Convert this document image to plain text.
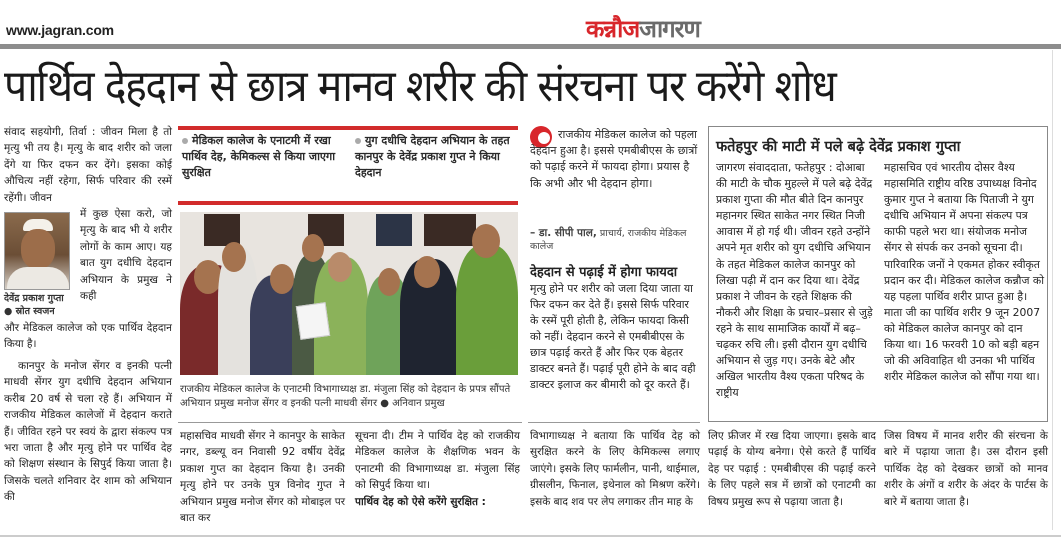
www.jagran.com	कन्नौजजागरण
पार्थिव देहदान से छात्र मानव शरीर की संरचना पर करेंगे शोध
संवाद सहयोगी, तिर्वा : जीवन मिला है तो मृत्यु भी तय है। मृत्यु के बाद शरीर को जला देंगे या फिर दफन कर देंगे। इसका कोई औचित्य नहीं रहेगा, सिर्फ परिवार की रस्में रहेंगी। जीवन
देवेंद्र प्रकाश गुप्ता
● स्रोत स्वजन
में कुछ ऐसा करो, जो मृत्यु के बाद भी ये शरीर लोगों के काम आए। यह बात युग दधीचि देहदान अभियान के प्रमुख ने कही
और मेडिकल कालेज को एक पार्थिव देहदान किया है।
कानपुर के मनोज सेंगर व इनकी पत्नी माधवी सेंगर युग दधीचि देहदान अभियान करीब 20 वर्ष से चला रहे हैं। अभियान में राजकीय मेडिकल कालेजों में देहदान कराते हैं। जीवित रहने पर स्वयं के द्वारा संकल्प पत्र भरा जाता है और मृत्यु होने पर पार्थिव देह को शिक्षण संस्थान के सिपुर्द किया जाता है। जिसके चलते शनिवार देर शाम को अभियान की
मेडिकल कालेज के एनाटमी में रखा पार्थिव देह, केमिकल्स से किया जाएगा सुरक्षित
युग दधीचि देहदान अभियान के तहत कानपुर के देवेंद्र प्रकाश गुप्त ने किया देहदान
राजकीय मेडिकल कालेज के एनाटमी विभागाध्यक्ष डा. मंजुला सिंह को देहदान के प्रपत्र सौंपते अभियान प्रमुख मनोज सेंगर व इनकी पत्नी माधवी सेंगर ● अनिवान प्रमुख
महासचिव माधवी सेंगर ने कानपुर के साकेत नगर, डब्ल्यू वन निवासी 92 वर्षीय देवेंद्र प्रकाश गुप्त का देहदान किया है। उनकी मृत्यु होने पर उनके पुत्र विनोद गुप्त ने अभियान प्रमुख मनोज सेंगर को मोबाइल पर बात कर
सूचना दी। टीम ने पार्थिव देह को राजकीय मेडिकल कालेज के शैक्षणिक भवन के एनाटमी की विभागाध्यक्ष डा. मंजुला सिंह को सिपुर्द किया था।
पार्थिव देह को ऐसे करेंगे सुरक्षित :
राजकीय मेडिकल कालेज को पहला देहदान हुआ है। इससे एमबीबीएस के छात्रों को पढ़ाई करने में फायदा होगा। प्रयास है कि अभी और भी देहदान होगा।
– डा. सीपी पाल, प्राचार्य, राजकीय मेडिकल कालेज
देहदान से पढ़ाई में होगा फायदा
मृत्यु होने पर शरीर को जला दिया जाता या फिर दफन कर देते हैं। इससे सिर्फ परिवार के रस्में पूरी होती है, लेकिन फायदा किसी को नहीं। देहदान करने से एमबीबीएस के छात्र पढ़ाई करते हैं और फिर एक बेहतर डाक्टर बनते हैं। पढ़ाई पूरी होने के बाद वही डाक्टर इलाज कर बीमारी को दूर करते हैं।
विभागाध्यक्ष ने बताया कि पार्थिव देह को सुरक्षित करने के लिए केमिकल्स लगाए जाएंगे। इसके लिए फार्मलीन, पानी, थाईमाल, ग्रीसलीन, फिनाल, इथेनाल को मिश्रण करेंगे। इसके बाद शव पर लेप लगाकर तीन माह के
फतेहपुर की माटी में पले बढ़े देवेंद्र प्रकाश गुप्ता
जागरण संवाददाता, फतेहपुर : दोआबा की माटी के चौक मुहल्ले में पले बढ़े देवेंद्र प्रकाश गुप्ता की मौत बीते दिन कानपुर महानगर स्थित साकेत नगर स्थित निजी आवास में हो गई थी। जीवन रहते उन्होंने अपने मृत शरीर को युग दधीचि अभियान के तहत मेडिकल कालेज कानपुर को लिखा पढ़ी में दान कर दिया था। देवेंद्र प्रकाश ने जीवन के रहते शिक्षक की नौकरी और शिक्षा के प्रचार–प्रसार से जुड़े रहने के साथ सामाजिक कार्यों में बढ़–चढ़कर रुचि ली। इसी दौरान युग दधीचि अभियान से जुड़ गए। उनके बेटे और अखिल भारतीय वैश्य एकता परिषद के राष्ट्रीय
महासचिव एवं भारतीय दोसर वैश्य महासमिति राष्ट्रीय वरिष्ठ उपाध्यक्ष विनोद कुमार गुप्त ने बताया कि पिताजी ने युग दधीचि अभियान में अपना संकल्प पत्र काफी पहले भरा था। संयोजक मनोज सेंगर से संपर्क कर उनको सूचना दी। पारिवारिक जनों ने एकमत होकर स्वीकृत प्रदान कर दी। मेडिकल कालेज कन्नौज को यह पहला पार्थिव शरीर प्राप्त हुआ है। माता जी का पार्थिव शरीर 9 जून 2007 को मेडिकल कालेज कानपुर को दान किया था। 16 फरवरी 10 को बड़ी बहन जो की अविवाहित थी उनका भी पार्थिव शरीर मेडिकल कालेज को सौंपा गया था।
लिए फ्रीजर में रख दिया जाएगा। इसके बाद पढ़ाई के योग्य बनेगा। ऐसे करते हैं पार्थिव देह पर पढ़ाई : एमबीबीएस की पढ़ाई करने के लिए पहले सत्र में छात्रों को एनाटमी का विषय प्रमुख रूप से पढ़ाया जाता है।
जिस विषय में मानव शरीर की संरचना के बारे में पढ़ाया जाता है। उस दौरान इसी पार्थिक देह को देखकर छात्रों को मानव शरीर के अंगों व शरीर के अंदर के पार्टस के बारे में बताया जाता है।
